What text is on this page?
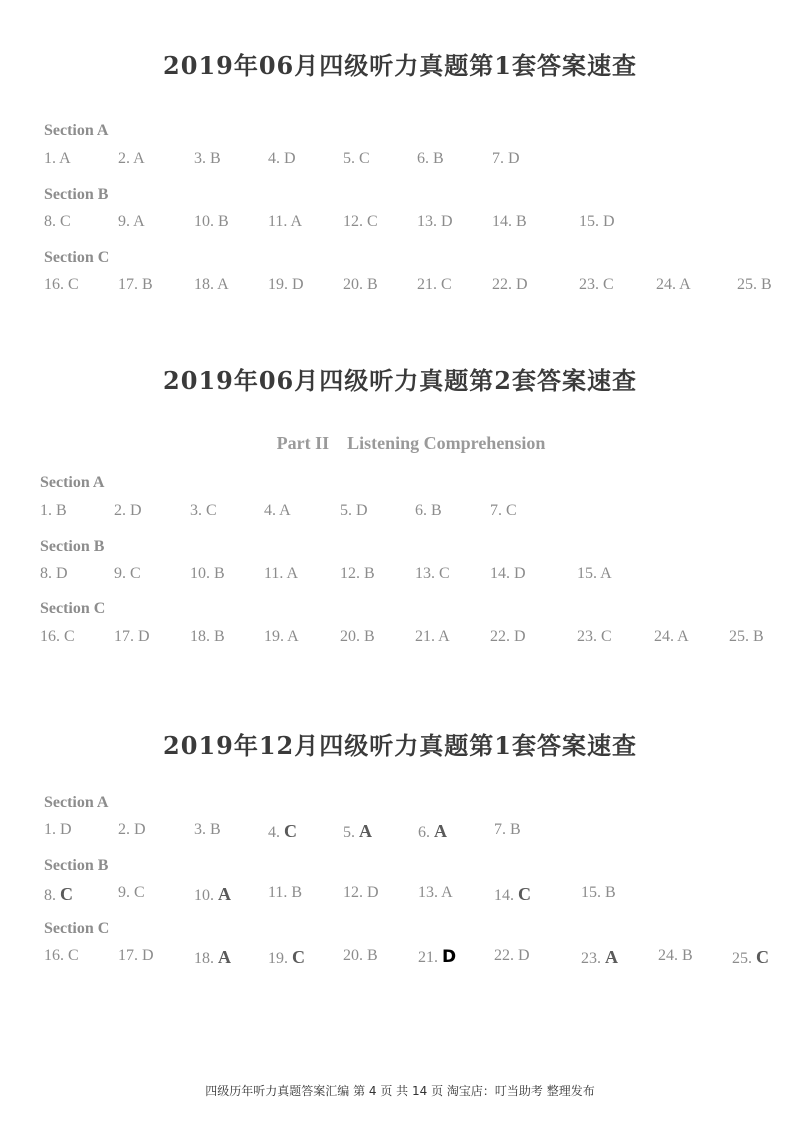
2019年06月四级听力真题第1套答案速查
Section A
1. A	2. A	3. B	4. D	5. C	6. B	7. D
Section B
8. C	9. A	10. B 11. A	12. C 13. D 14. B	15. D
Section C
16. C 17. B	18. A 19. D 20. B 21. C	22. D	23. C	24. A	25. B
2019年06月四级听力真题第2套答案速查
Part II    Listening Comprehension
Section A
1. B	2. D	3. C	4. A	5. D	6. B	7. C
Section B
8. D	9. C	10. B 11. A	12. B	13. C	14. D	15. A
Section C
16. C 17. D	18. B 19. A	20. B	21. A	22. D	23. C	24. A	25. B
2019年12月四级听力真题第1套答案速查
Section A
1. D	2. D	3. B	4. C	5. A	6. A	7. B
Section B
8. C	9. C	10. A 11. B	12. D 13. A	14. C	15. B
Section C
16. C 17. D	18. A 19. C 20. B	21. D 22. D	23. A	24. B 25. C
四级历年听力真题答案汇编 第 4 页 共 14 页 淘宝店：叮当助考 整理发布
